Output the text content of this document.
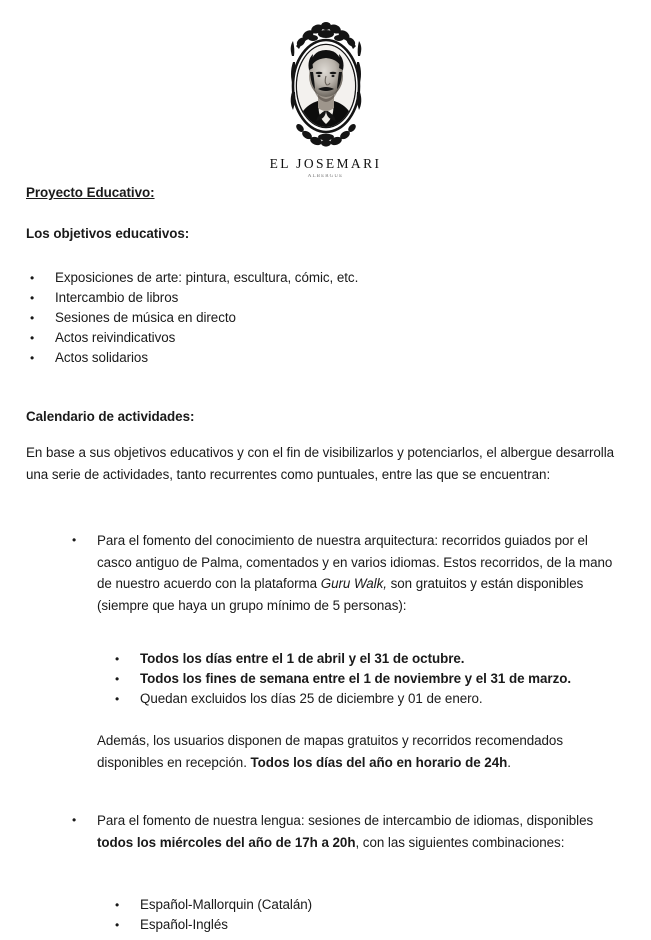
EL JOSEMARI
ALBERGUE
Proyecto Educativo:
Los objetivos educativos:
•	Exposiciones de arte: pintura, escultura, cómic, etc.
•	Intercambio de libros
•	Sesiones de música en directo
•	Actos reivindicativos
•	Actos solidarios
Calendario de actividades:
En base a sus objetivos educativos y con el fin de visibilizarlos y potenciarlos, el albergue desarrolla una serie de actividades, tanto recurrentes como puntuales, entre las que se encuentran:
•	Para el fomento del conocimiento de nuestra arquitectura: recorridos guiados por el casco antiguo de Palma, comentados y en varios idiomas. Estos recorridos, de la mano de nuestro acuerdo con la plataforma Guru Walk, son gratuitos y están disponibles (siempre que haya un grupo mínimo de 5 personas):
•	Todos los días entre el 1 de abril y el 31 de octubre.
•	Todos los fines de semana entre el 1 de noviembre y el 31 de marzo.
•	Quedan excluidos los días 25 de diciembre y 01 de enero.
Además, los usuarios disponen de mapas gratuitos y recorridos recomendados disponibles en recepción. Todos los días del año en horario de 24h.
•	Para el fomento de nuestra lengua: sesiones de intercambio de idiomas, disponibles todos los miércoles del año de 17h a 20h, con las siguientes combinaciones:
•	Español-Mallorquin (Catalán)
•	Español-Inglés
